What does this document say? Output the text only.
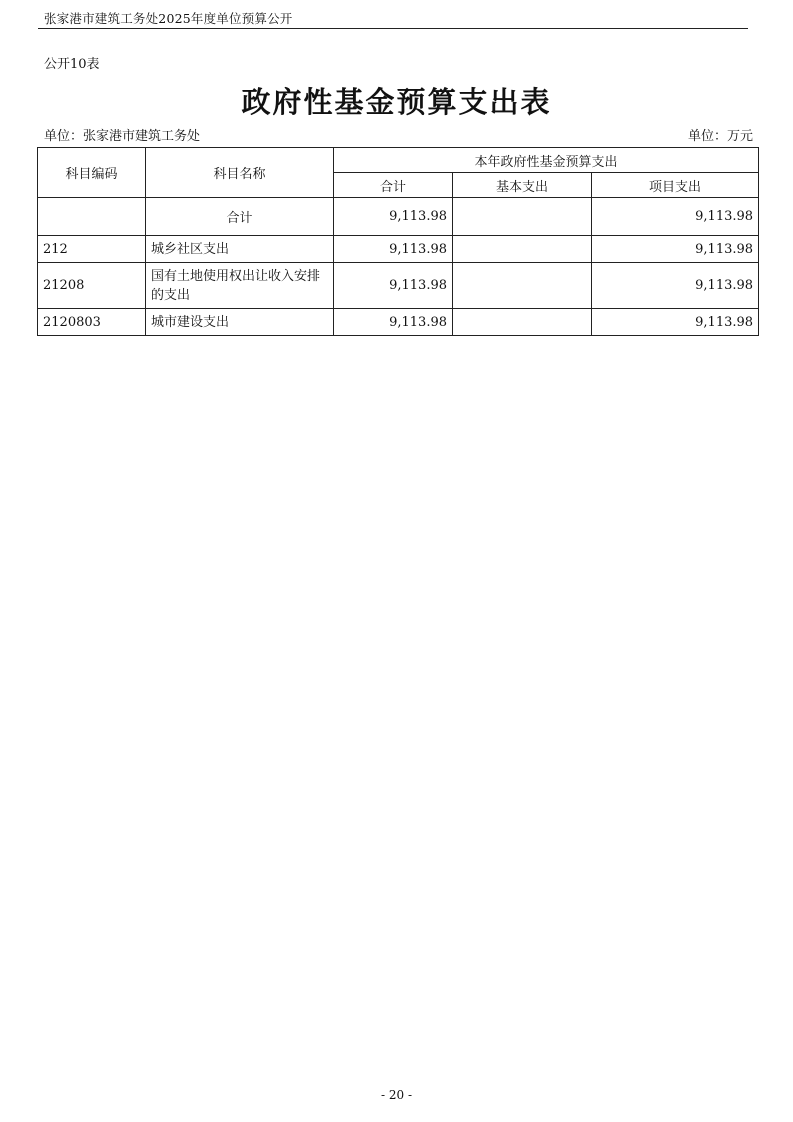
张家港市建筑工务处2025年度单位预算公开
公开10表
政府性基金预算支出表
单位：张家港市建筑工务处	单位：万元
科目编码	科目名称	本年政府性基金预算支出		
		合计	基本支出	项目支出
	合计	9,113.98		9,113.98
212	城乡社区支出	9,113.98		9,113.98
21208	国有土地使用权出让收入安排的支出	9,113.98		9,113.98
2120803	城市建设支出	9,113.98		9,113.98
- 20 -
